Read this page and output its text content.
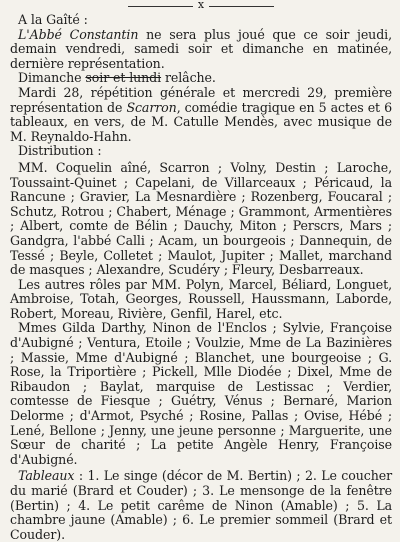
x

A la Gaîté :

L'Abbé Constantin ne sera plus joué que ce soir jeudi, demain vendredi, samedi soir et dimanche en matinée, dernière représentation.

Dimanche soir et lundi relâche.

Mardi 28, répétition générale et mercredi 29, première représentation de Scarron, comédie tragique en 5 actes et 6 tableaux, en vers, de M. Catulle Mendès, avec musique de M. Reynaldo-Hahn.

Distribution :

MM. Coquelin aîné, Scarron ; Volny, Destin ; Laroche, Toussaint-Quinet ; Capelani, de Villarceaux ; Péricaud, la Rancune ; Gravier, La Mesnardière ; Rozenberg, Foucaral ; Schutz, Rotrou ; Chabert, Ménage ; Grammont, Armentières ; Albert, comte de Bélin ; Dauchy, Miton ; Perscrs, Mars ; Gandgra, l'abbé Calli ; Acam, un bourgeois ; Dannequin, de Tessé ; Beyle, Colletet ; Maulot, Jupiter ; Mallet, marchand de masques ; Alexandre, Scudéry ; Fleury, Desbarreaux.

Les autres rôles par MM. Polyn, Marcel, Béliard, Longuet, Ambroise, Totah, Georges, Roussell, Haussmann, Laborde, Robert, Moreau, Rivière, Genfil, Harel, etc.

Mmes Gilda Darthy, Ninon de l'Enclos ; Sylvie, Françoise d'Aubigné ; Ventura, Etoile ; Voulzie, Mme de La Bazinières ; Massie, Mme d'Aubigné ; Blanchet, une bourgeoise ; G. Rose, la Triportière ; Pickell, Mlle Diodée ; Dixel, Mme de Ribaudon ; Baylat, marquise de Lestissac ; Verdier, comtesse de Fiesque ; Guétry, Vénus ; Bernaré, Marion Delorme ; d'Armot, Psyché ; Rosine, Pallas ; Ovise, Hébé ; Lené, Bellone ; Jenny, une jeune personne ; Marguerite, une Sœur de charité ; La petite Angèle Henry, Françoise d'Aubigné.

Tableaux : 1. Le singe (décor de M. Bertin) ; 2. Le coucher du marié (Brard et Couder) ; 3. Le mensonge de la fenêtre (Bertin) ; 4. Le petit carême de Ninon (Amable) ; 5. La chambre jaune (Amable) ; 6. Le premier sommeil (Brard et Couder).
